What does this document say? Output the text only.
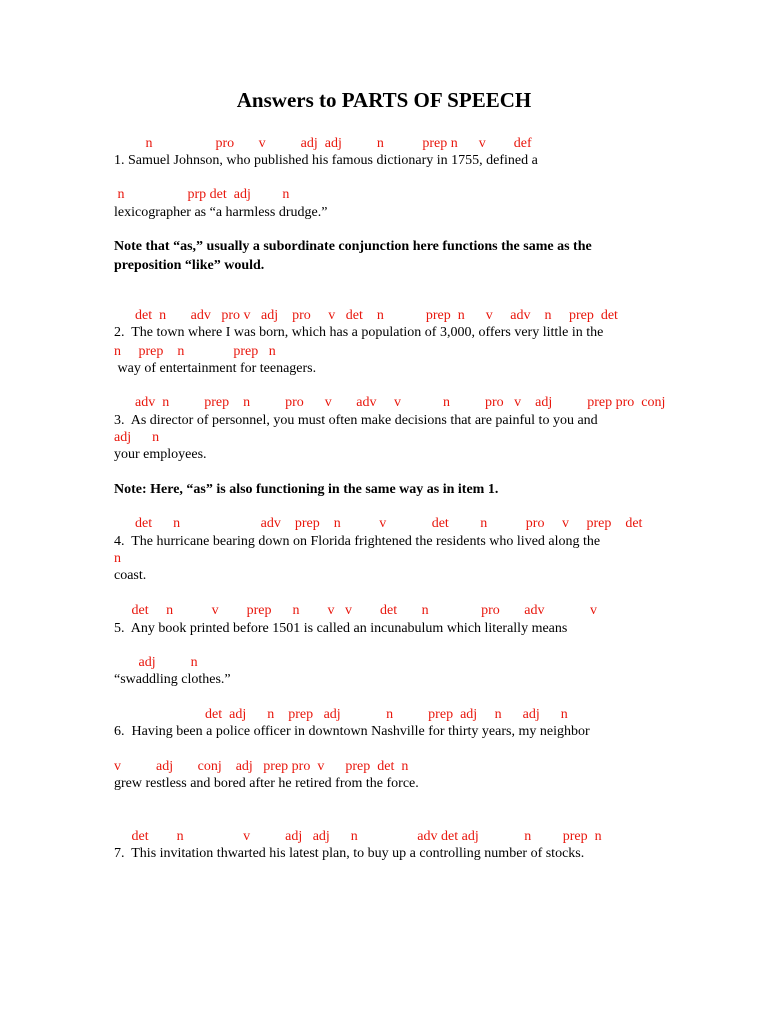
Answers to PARTS OF SPEECH
n                  pro       v          adj  adj          n           prep n      v        def
1. Samuel Johnson, who published his famous dictionary in 1755, defined a
n                  prp det  adj         n
lexicographer as “a harmless drudge.”
Note that “as,” usually a subordinate conjunction here functions the same as the
preposition “like” would.
det  n       adv   pro v   adj    pro     v   det    n            prep  n      v     adv    n     prep  det
2.  The town where I was born, which has a population of 3,000, offers very little in the
n     prep    n              prep   n
way of entertainment for teenagers.
adv  n          prep    n          pro      v       adv     v            n          pro   v    adj          prep pro  conj
3.  As director of personnel, you must often make decisions that are painful to you and
adj      n
your employees.
Note: Here, “as” is also functioning in the same way as in item 1.
det      n                       adv    prep    n           v             det         n           pro     v     prep    det
4.  The hurricane bearing down on Florida frightened the residents who lived along the
n
coast.
det     n           v        prep      n        v   v        det       n               pro       adv             v
5.  Any book printed before 1501 is called an incunabulum which literally means
adj          n
“swaddling clothes.”
det  adj      n    prep   adj             n          prep  adj     n      adj      n
6.  Having been a police officer in downtown Nashville for thirty years, my neighbor
v          adj       conj    adj   prep pro  v      prep  det  n
grew restless and bored after he retired from the force.
det        n                 v          adj   adj      n                 adv det adj             n         prep  n
7.  This invitation thwarted his latest plan, to buy up a controlling number of stocks.
